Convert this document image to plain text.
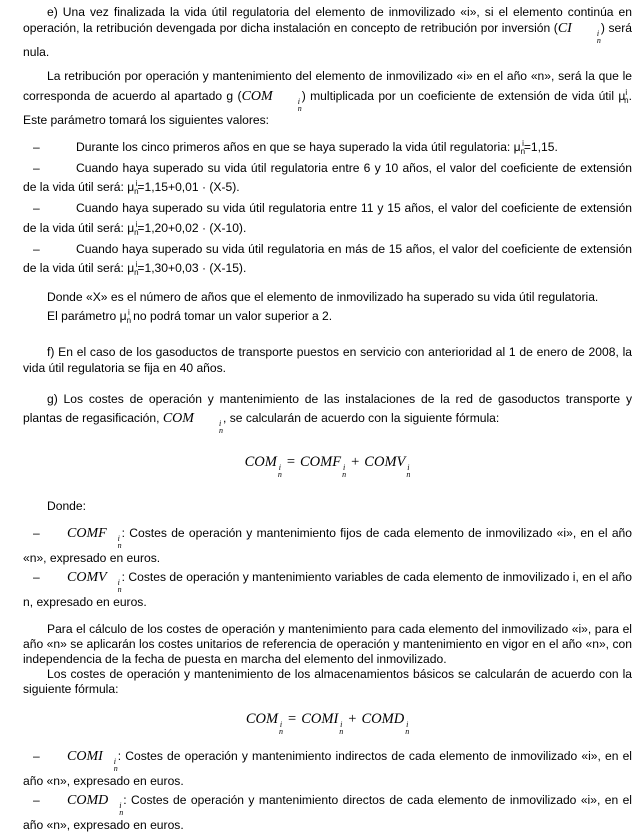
e) Una vez finalizada la vida útil regulatoria del elemento de inmovilizado «i», si el elemento continúa en operación, la retribución devengada por dicha instalación en concepto de retribución por inversión (CI	i
n
) será nula.

La retribución por operación y mantenimiento del elemento de inmovilizado «i» en el año «n», será la que le corresponda de acuerdo al apartado g (COM	i
n
) multiplicada por un coeficiente de extensión de vida útil $\mu^i_n$. Este parámetro tomará los siguientes valores:

–	Durante los cinco primeros años en que se haya superado la vida útil regulatoria: $\mu_n^i=1,15$.

–	Cuando haya superado su vida útil regulatoria entre 6 y 10 años, el valor del coeficiente de extensión de la vida útil será: $\mu_n^i=1,15+0,01 \cdot (X-5)$.

–	Cuando haya superado su vida útil regulatoria entre 11 y 15 años, el valor del coeficiente de extensión de la vida útil será: $\mu_n^i=1,20+0,02 \cdot (X-10)$.

–	Cuando haya superado su vida útil regulatoria en más de 15 años, el valor del coeficiente de extensión de la vida útil será: $\mu_n^i=1,30+0,03 \cdot (X-15)$.

Donde «X» es el número de años que el elemento de inmovilizado ha superado su vida útil regulatoria.

El parámetro $\mu_n^i$ no podrá tomar un valor superior a 2.

f) En el caso de los gasoductos de transporte puestos en servicio con anterioridad al 1 de enero de 2008, la vida útil regulatoria se fija en 40 años.

g) Los costes de operación y mantenimiento de las instalaciones de la red de gasoductos transporte y plantas de regasificación, COM	i
n
, se calcularán de acuerdo con la siguiente fórmula:

COM i
n
= COMF i
n
+ COMV i
n

Donde:

– COMF	i
n
: Costes de operación y mantenimiento fijos de cada elemento de inmovilizado «i», en el año «n», expresado en euros.

– COMV	i
n
: Costes de operación y mantenimiento variables de cada elemento de inmovilizado i, en el año n, expresado en euros.

Para el cálculo de los costes de operación y mantenimiento para cada elemento del inmovilizado «i», para el año «n» se aplicarán los costes unitarios de referencia de operación y mantenimiento en vigor en el año «n», con independencia de la fecha de puesta en marcha del elemento del inmovilizado.

Los costes de operación y mantenimiento de los almacenamientos básicos se calcularán de acuerdo con la siguiente fórmula:

COM i
n
= COMI i
n
+ COMD i
n

– COMI	i
n
: Costes de operación y mantenimiento indirectos de cada elemento de inmovilizado «i», en el año «n», expresado en euros.

– COMD	i
n
: Costes de operación y mantenimiento directos de cada elemento de inmovilizado «i», en el año «n», expresado en euros.
